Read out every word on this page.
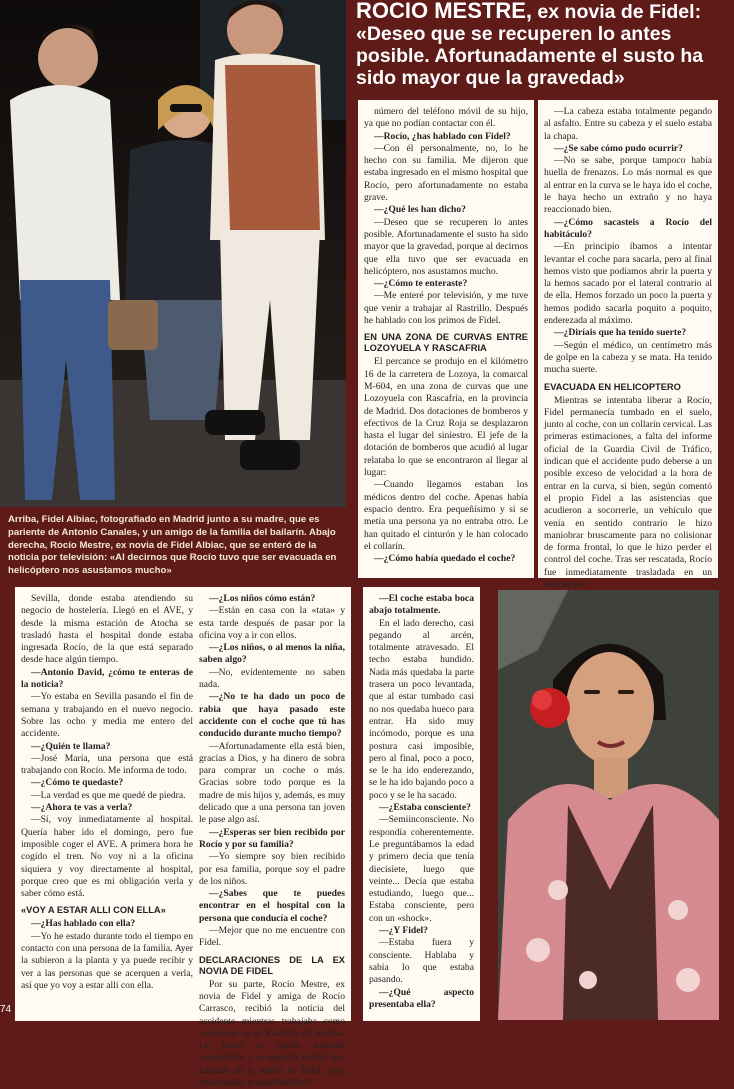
ROCIO MESTRE, ex novia de Fidel:
«Deseo que se recuperen lo antes posible. Afortunadamente el susto ha sido mayor que la gravedad»
Arriba, Fidel Albiac, fotografiado en Madrid junto a su madre, que es pariente de Antonio Canales, y un amigo de la familia del bailarín. Abajo derecha, Rocío Mestre, ex novia de Fidel Albiac, que se enteró de la noticia por televisión: «Al decirnos que Rocío tuvo que ser evacuada en helicóptero nos asustamos mucho»

número del teléfono móvil de su hijo, ya que no podían contactar con él.

—Rocío, ¿has hablado con Fidel?

—Con él personalmente, no, lo he hecho con su familia. Me dijeron que estaba ingresado en el mismo hospital que Rocío, pero afortunadamente no estaba grave.

—¿Qué les han dicho?

—Deseo que se recuperen lo antes posible. Afortunadamente el susto ha sido mayor que la gravedad, porque al decirnos que ella tuvo que ser evacuada en helicóptero, nos asustamos mucho.

—¿Cómo te enteraste?

—Me enteré por televisión, y me tuve que venir a trabajar al Rastrillo. Después he hablado con los primos de Fidel.

EN UNA ZONA DE CURVAS ENTRE LOZOYUELA Y RASCAFRIA

El percance se produjo en el kilómetro 16 de la carretera de Lozoya, la comarcal M-604, en una zona de curvas que une Lozoyuela con Rascafría, en la provincia de Madrid. Dos dotaciones de bomberos y efectivos de la Cruz Roja se desplazaron hasta el lugar del siniestro. El jefe de la dotación de bomberos que acudió al lugar relataba lo que se encontraron al llegar al lugar:

—Cuando llegamos estaban los médicos dentro del coche. Apenas había espacio dentro. Era pequeñísimo y si se metía una persona ya no entraba otro. Le han quitado el cinturón y le han colocado el collarín.

—¿Cómo había quedado el coche?

—La cabeza estaba totalmente pegando al asfalto. Entre su cabeza y el suelo estaba la chapa.

—¿Se sabe cómo pudo ocurrir?

—No se sabe, porque tampoco había huella de frenazos. Lo más normal es que al entrar en la curva se le haya ido el coche, le haya hecho un extraño y no haya reaccionado bien.

—¿Cómo sacasteis a Rocío del habitáculo?

—En principio íbamos a intentar levantar el coche para sacarla, pero al final hemos visto que podíamos abrir la puerta y la hemos sacado por el lateral contrario al de ella. Hemos forzado un poco la puerta y hemos podido sacarla poquito a poquito, enderezada al máximo.

—¿Diríais que ha tenido suerte?

—Según el médico, un centímetro más de golpe en la cabeza y se mata. Ha tenido mucha suerte.

EVACUADA EN HELICOPTERO

Mientras se intentaba liberar a Rocío, Fidel permanecía tumbado en el suelo, junto al coche, con un collarín cervical. Las primeras estimaciones, a falta del informe oficial de la Guardia Civil de Tráfico, indican que el accidente pudo deberse a un posible exceso de velocidad a la hora de entrar en la curva, si bien, según comentó el propio Fidel a las asistencias que acudieron a socorrerle, un vehículo que venía en sentido contrario le hizo maniobrar bruscamente para no colisionar de forma frontal, lo que le hizo perder el control del coche. Tras ser rescatada, Rocío fue inmediatamente trasladada en un helicóptero

Sevilla, donde estaba atendiendo su negocio de hostelería. Llegó en el AVE, y desde la misma estación de Atocha se trasladó hasta el hospital donde estaba ingresada Rocío, de la que está separado desde hace algún tiempo.

—Antonio David, ¿cómo te enteras de la noticia?

—Yo estaba en Sevilla pasando el fin de semana y trabajando en el nuevo negocio. Sobre las ocho y media me entero del accidente.

—¿Quién te llama?

—José María, una persona que está trabajando con Rocío. Me informa de todo.

—¿Cómo te quedaste?

—La verdad es que me quedé de piedra.

—¿Ahora te vas a verla?

—Sí, voy inmediatamente al hospital. Quería haber ido el domingo, pero fue imposible coger el AVE. A primera hora he cogido el tren. No voy ni a la oficina siquiera y voy directamente al hospital, porque creo que es mi obligación verla y saber cómo está.

«VOY A ESTAR ALLI CON ELLA»

—¿Has hablado con ella?

—Yo he estado durante todo el tiempo en contacto con una persona de la familia. Ayer la subieron a la planta y ya puede recibir y ver a las personas que se acerquen a verla, así que yo voy a estar allí con ella.

—¿Los niños cómo están?

—Están en casa con la «tata» y esta tarde después de pasar por la oficina voy a ir con ellos.

—¿Los niños, o al menos la niña, saben algo?

—No, evidentemente no saben nada.

—¿No te ha dado un poco de rabia que haya pasado este accidente con el coche que tú has conducido durante mucho tiempo?

—Afortunadamente ella está bien, gracias a Dios, y ha dinero de sobra para comprar un coche o más. Gracias sobre todo porque es la madre de mis hijos y, además, es muy delicado que a una persona tan joven le pase algo así.

—¿Esperas ser bien recibido por Rocío y por su familia?

—Yo siempre soy bien recibido por esa familia, porque soy el padre de los niños.

—¿Sabes que te puedes encontrar en el hospital con la persona que conducía el coche?

—Mejor que no me encuentre con Fidel.

DECLARACIONES DE LA EX NOVIA DE FIDEL

Por su parte, Rocío Mestre, ex novia de Fidel y amiga de Rocío Carrasco, recibió la noticia del accidente mientras trabajaba como voluntaria en el Rastrillo de Sevilla. La joven se quedó bastante sorprendida y en seguida recibió una llamada de la madre de Fidel, muy preocupada, preguntándole el

—El coche estaba boca abajo totalmente.

En el lado derecho, casi pegando al arcén, totalmente atravesado. El techo estaba hundido. Nada más quedaba la parte trasera un poco levantada, que al estar tumbado casi no nos quedaba hueco para entrar. Ha sido muy incómodo, porque es una postura casi imposible, pero al final, poco a poco, se le ha ido enderezando, se le ha ido bajando poco a poco y se le ha sacado.

—¿Estaba consciente?

—Semiinconsciente. No respondía coherentemente. Le preguntábamos la edad y primero decía que tenía diecisiete, luego que veinte... Decía que estaba estudiando, luego que... Estaba consciente, pero con un «shock».

—¿Y Fidel?

—Estaba fuera y consciente. Hablaba y sabía lo que estaba pasando.

—¿Qué aspecto presentaba ella?

74
